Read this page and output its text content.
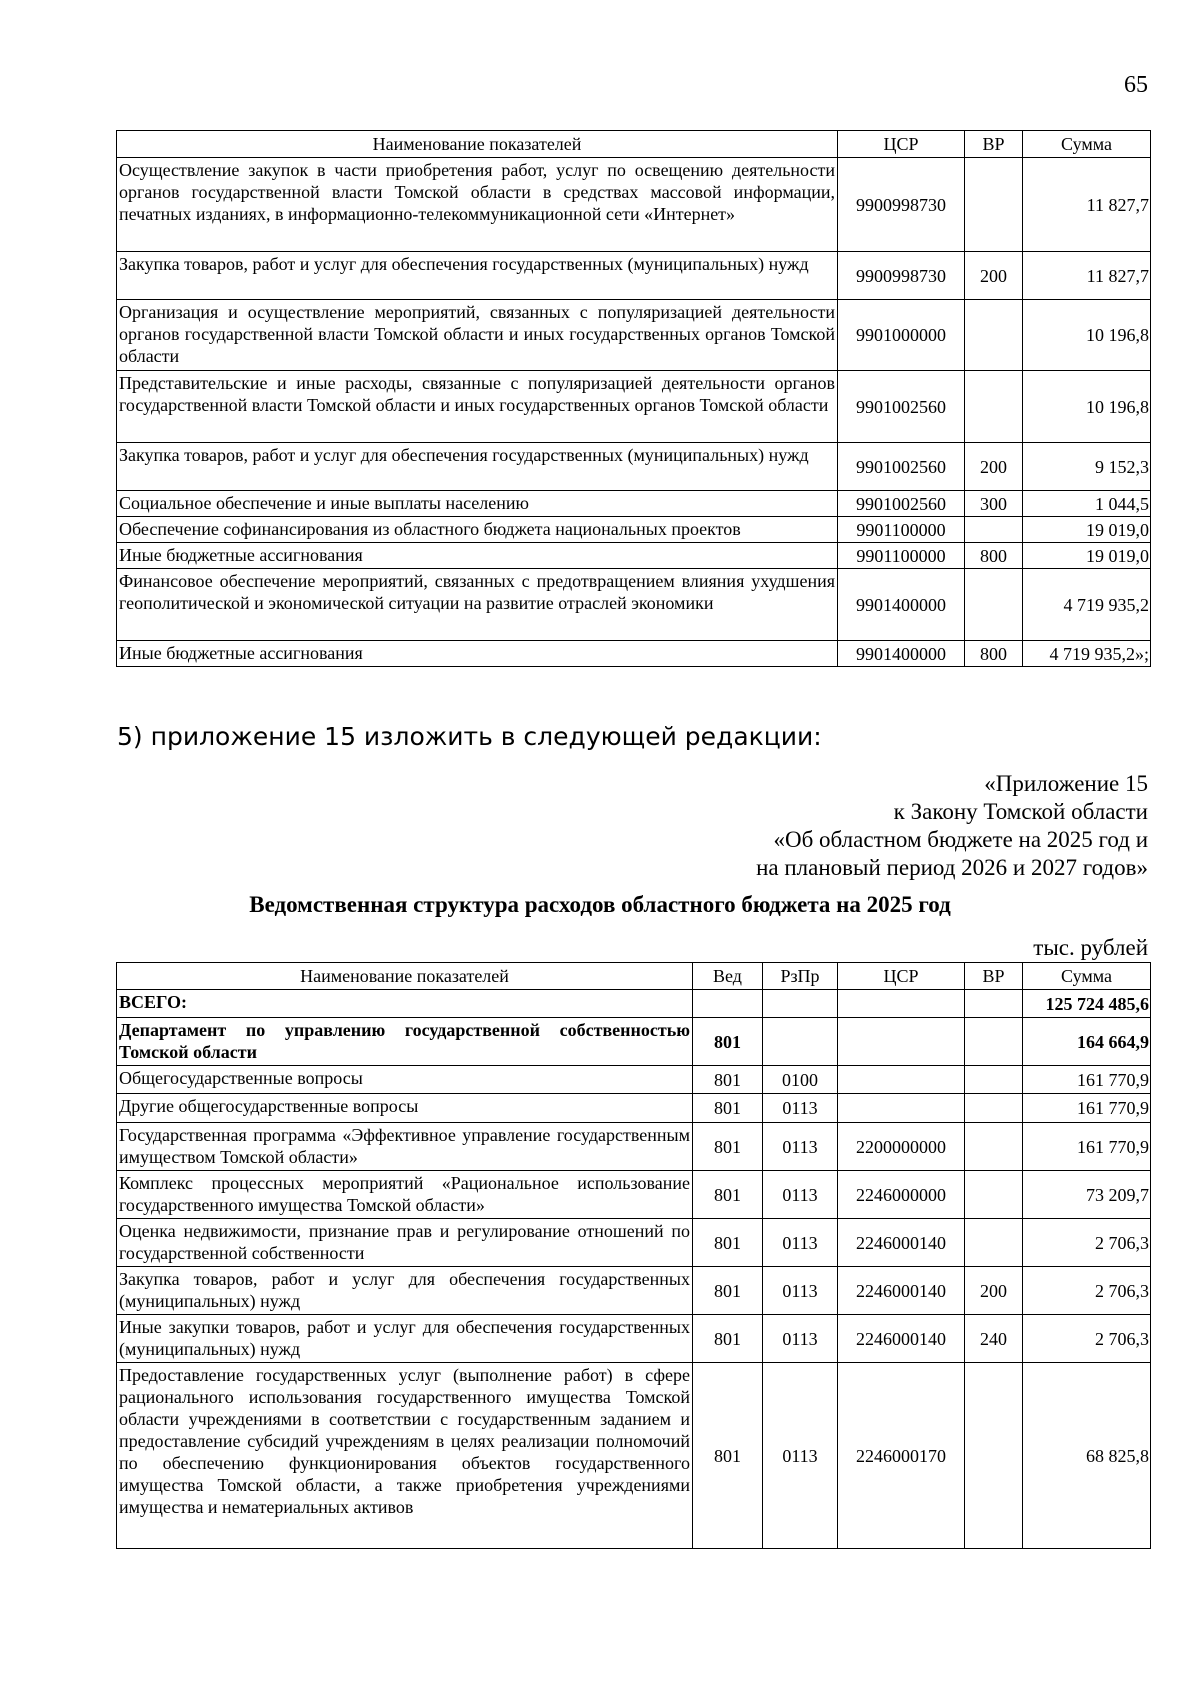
65
Наименование показателей	ЦСР	ВР	Сумма
Осуществление закупок в части приобретения работ, услуг по освещению деятельности органов государственной власти Томской области в средствах массовой информации, печатных изданиях, в информационно-телекоммуникационной сети «Интернет»	9900998730		11 827,7
Закупка товаров, работ и услуг для обеспечения государственных (муниципальных) нужд	9900998730	200	11 827,7
Организация и осуществление мероприятий, связанных с популяризацией деятельности органов государственной власти Томской области и иных государственных органов Томской области	9901000000		10 196,8
Представительские и иные расходы, связанные с популяризацией деятельности органов государственной власти Томской области и иных государственных органов Томской области	9901002560		10 196,8
Закупка товаров, работ и услуг для обеспечения государственных (муниципальных) нужд	9901002560	200	9 152,3
Социальное обеспечение и иные выплаты населению	9901002560	300	1 044,5
Обеспечение софинансирования из областного бюджета национальных проектов	9901100000		19 019,0
Иные бюджетные ассигнования	9901100000	800	19 019,0
Финансовое обеспечение мероприятий, связанных с предотвращением влияния ухудшения геополитической и экономической ситуации на развитие отраслей экономики	9901400000		4 719 935,2
Иные бюджетные ассигнования	9901400000	800	4 719 935,2»;
5) приложение 15 изложить в следующей редакции:
«Приложение 15
к Закону Томской области
«Об областном бюджете на 2025 год и
на плановый период 2026 и 2027 годов»
Ведомственная структура расходов областного бюджета на 2025 год
тыс. рублей
Наименование показателей	Вед	РзПр	ЦСР	ВР	Сумма
ВСЕГО:					125 724 485,6
Департамент по управлению государственной собственностью Томской области	801				164 664,9
Общегосударственные вопросы	801	0100			161 770,9
Другие общегосударственные вопросы	801	0113			161 770,9
Государственная программа «Эффективное управление государственным имуществом Томской области»	801	0113	2200000000		161 770,9
Комплекс процессных мероприятий «Рациональное использование государственного имущества Томской области»	801	0113	2246000000		73 209,7
Оценка недвижимости, признание прав и регулирование отношений по государственной собственности	801	0113	2246000140		2 706,3
Закупка товаров, работ и услуг для обеспечения государственных (муниципальных) нужд	801	0113	2246000140	200	2 706,3
Иные закупки товаров, работ и услуг для обеспечения государственных (муниципальных) нужд	801	0113	2246000140	240	2 706,3
Предоставление государственных услуг (выполнение работ) в сфере рационального использования государственного имущества Томской области учреждениями в соответствии с государственным заданием и предоставление субсидий учреждениям в целях реализации полномочий по обеспечению функционирования объектов государственного имущества Томской области, а также приобретения учреждениями имущества и нематериальных активов	801	0113	2246000170		68 825,8
